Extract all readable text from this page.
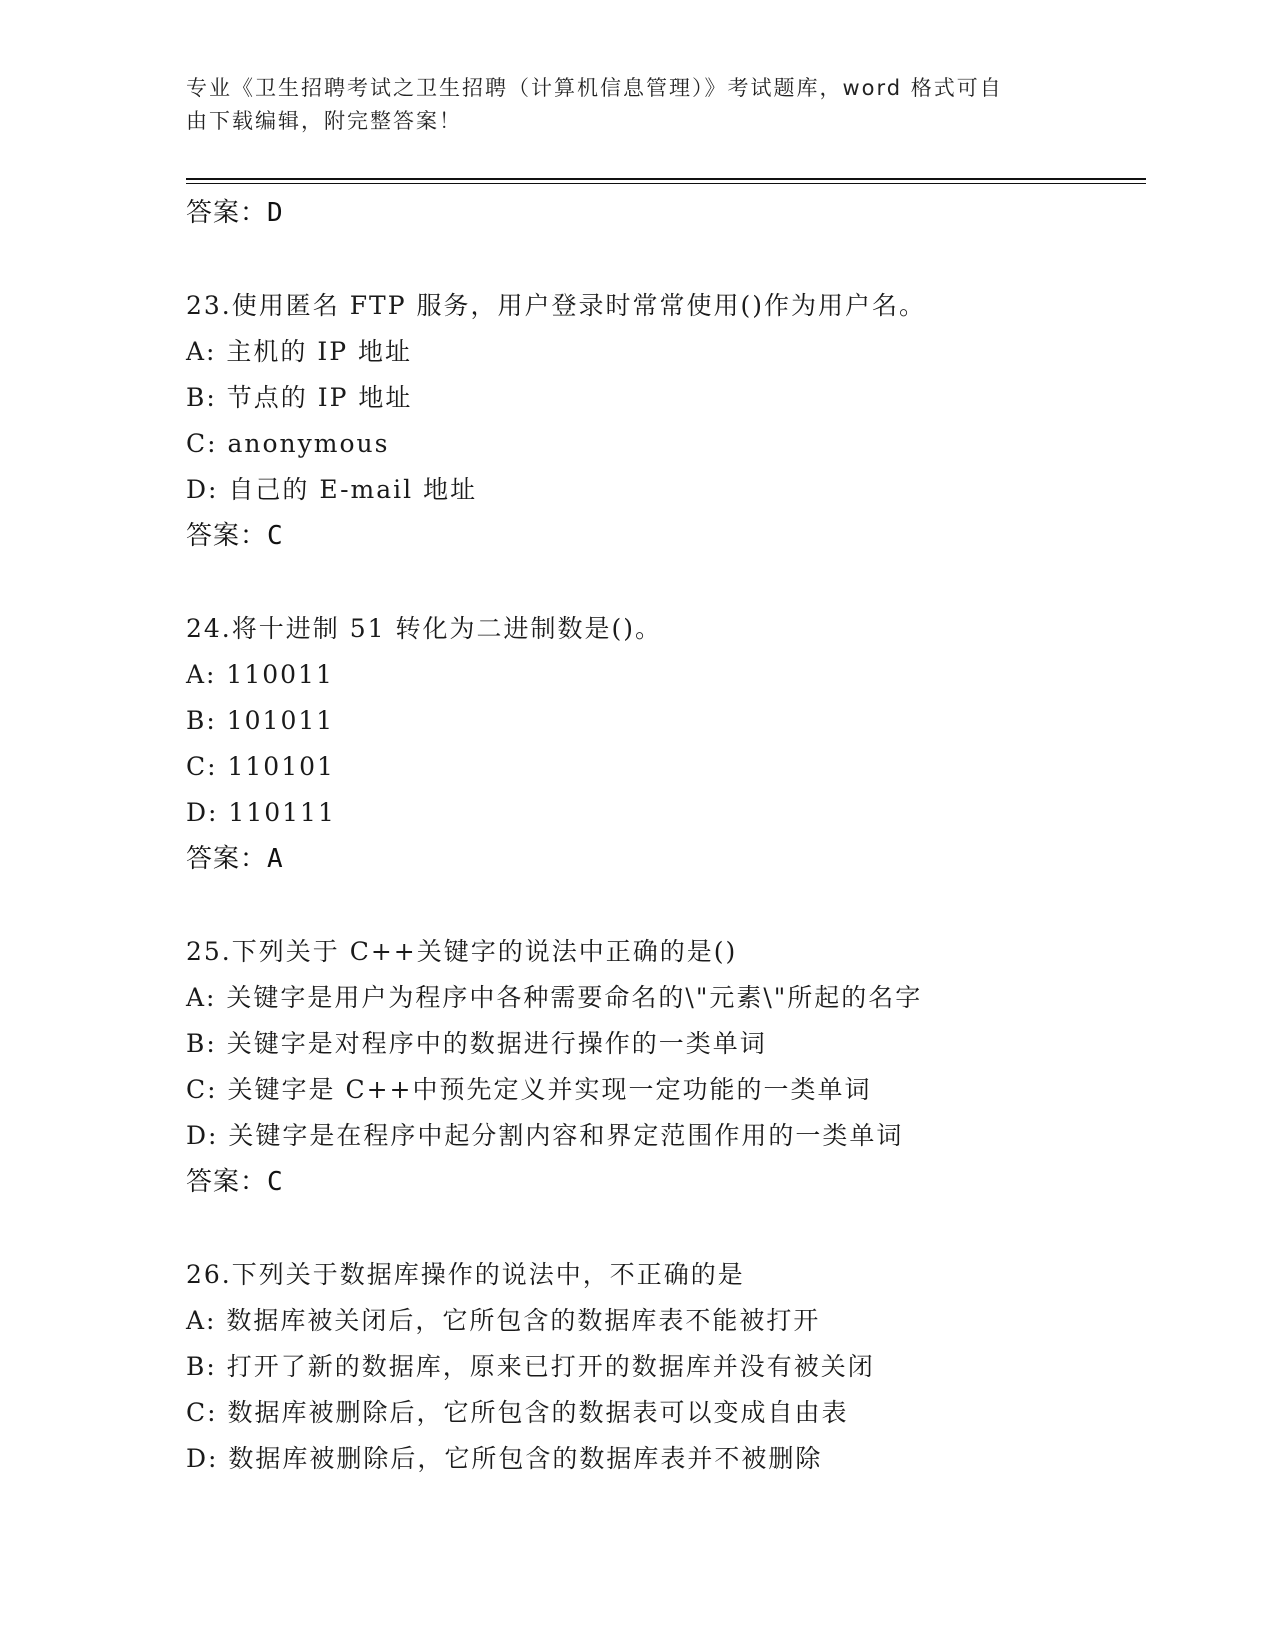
专业《卫生招聘考试之卫生招聘（计算机信息管理）》考试题库，word 格式可自
由下载编辑，附完整答案！
答案：D
23.使用匿名 FTP 服务，用户登录时常常使用()作为用户名。
A: 主机的 IP 地址
B: 节点的 IP 地址
C: anonymous
D: 自己的 E-mail 地址
答案：C
24.将十进制 51 转化为二进制数是()。
A: 110011
B: 101011
C: 110101
D: 110111
答案：A
25.下列关于 C++关键字的说法中正确的是()
A: 关键字是用户为程序中各种需要命名的\"元素\"所起的名字
B: 关键字是对程序中的数据进行操作的一类单词
C: 关键字是 C++中预先定义并实现一定功能的一类单词
D: 关键字是在程序中起分割内容和界定范围作用的一类单词
答案：C
26.下列关于数据库操作的说法中，不正确的是
A: 数据库被关闭后，它所包含的数据库表不能被打开
B: 打开了新的数据库，原来已打开的数据库并没有被关闭
C: 数据库被删除后，它所包含的数据表可以变成自由表
D: 数据库被删除后，它所包含的数据库表并不被删除
